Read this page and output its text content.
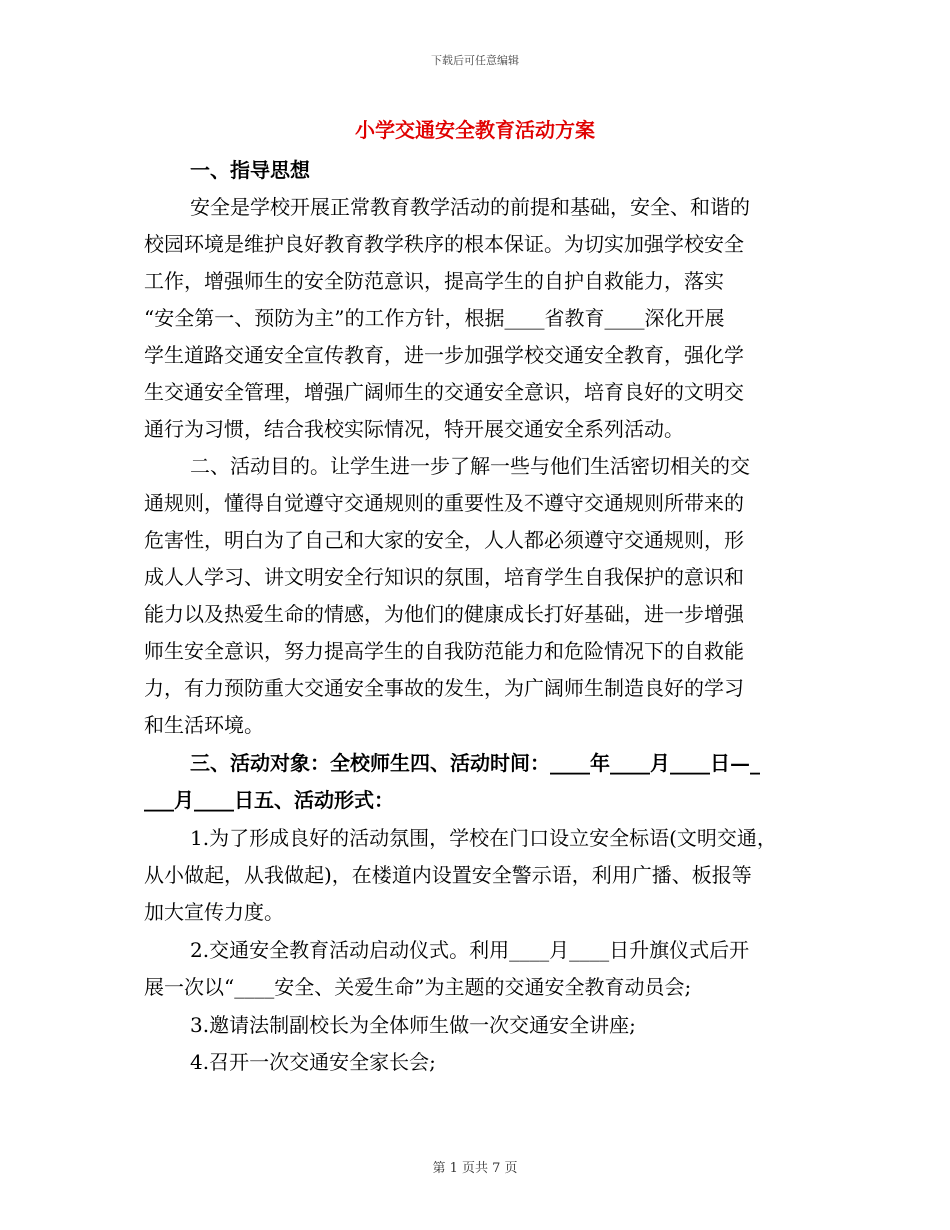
下载后可任意编辑
小学交通安全教育活动方案
一、指导思想
安全是学校开展正常教育教学活动的前提和基础，安全、和谐的
校园环境是维护良好教育教学秩序的根本保证。为切实加强学校安全
工作，增强师生的安全防范意识，提高学生的自护自救能力，落实
“安全第一、预防为主”的工作方针，根据____省教育____深化开展
学生道路交通安全宣传教育，进一步加强学校交通安全教育，强化学
生交通安全管理，增强广阔师生的交通安全意识，培育良好的文明交
通行为习惯，结合我校实际情况，特开展交通安全系列活动。
二、活动目的。让学生进一步了解一些与他们生活密切相关的交
通规则，懂得自觉遵守交通规则的重要性及不遵守交通规则所带来的
危害性，明白为了自己和大家的安全，人人都必须遵守交通规则，形
成人人学习、讲文明安全行知识的氛围，培育学生自我保护的意识和
能力以及热爱生命的情感，为他们的健康成长打好基础，进一步增强
师生安全意识，努力提高学生的自我防范能力和危险情况下的自救能
力，有力预防重大交通安全事故的发生，为广阔师生制造良好的学习
和生活环境。
三、活动对象：全校师生四、活动时间：____年____月____日—_
___月____日五、活动形式：
1.为了形成良好的活动氛围，学校在门口设立安全标语(文明交通，
从小做起，从我做起)，在楼道内设置安全警示语，利用广播、板报等
加大宣传力度。
2.交通安全教育活动启动仪式。利用____月____日升旗仪式后开
展一次以“____安全、关爱生命”为主题的交通安全教育动员会;
3.邀请法制副校长为全体师生做一次交通安全讲座;
4.召开一次交通安全家长会;
第 1 页共 7 页
